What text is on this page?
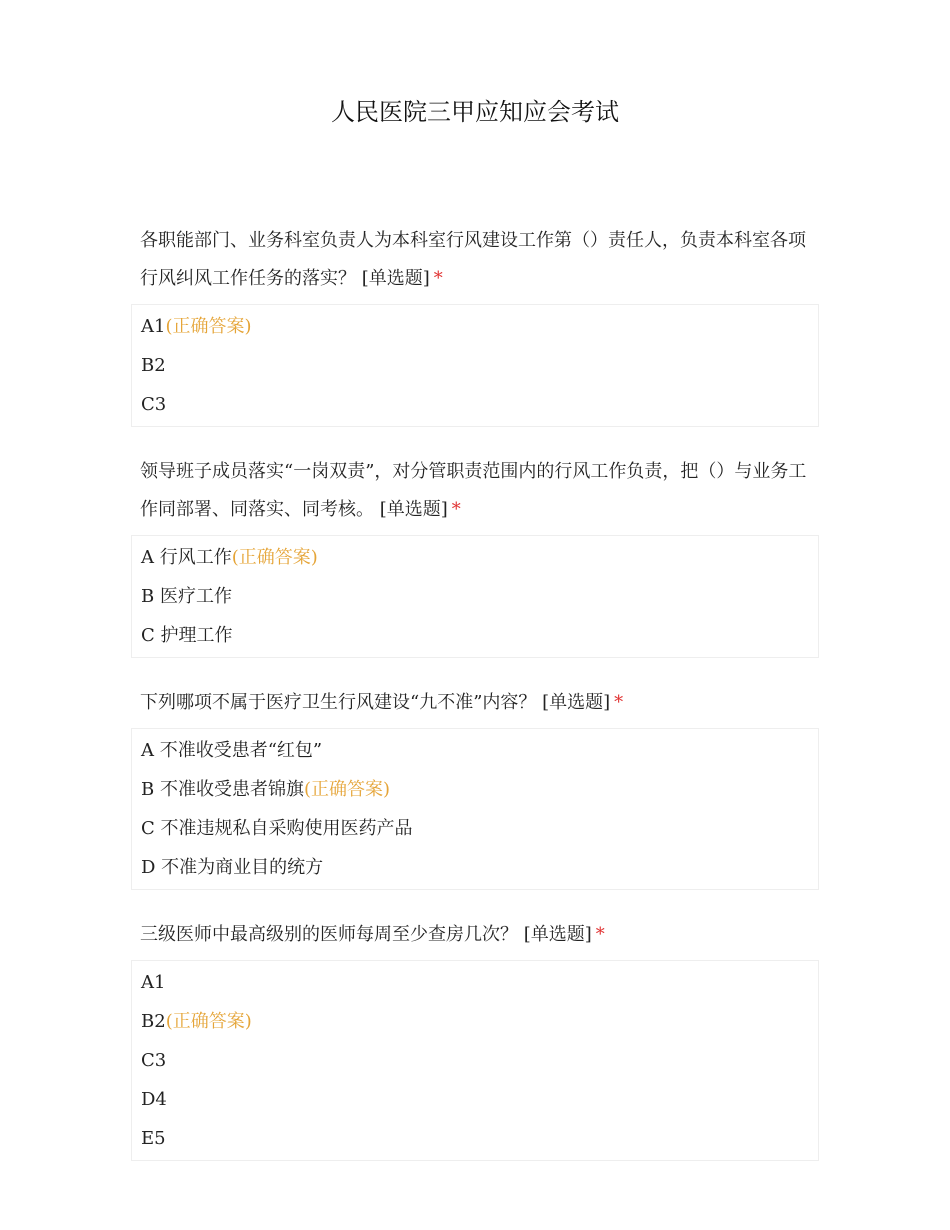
人民医院三甲应知应会考试

各职能部门、业务科室负责人为本科室行风建设工作第（）责任人，负责本科室各项行风纠风工作任务的落实？ [单选题] *

A1(正确答案)
B2
C3

领导班子成员落实“一岗双责”，对分管职责范围内的行风工作负责，把（）与业务工作同部署、同落实、同考核。 [单选题] *

A 行风工作(正确答案)
B 医疗工作
C 护理工作

下列哪项不属于医疗卫生行风建设“九不准”内容？ [单选题] *

A 不准收受患者“红包”
B 不准收受患者锦旗(正确答案)
C 不准违规私自采购使用医药产品
D 不准为商业目的统方

三级医师中最高级别的医师每周至少查房几次？ [单选题] *

A1
B2(正确答案)
C3
D4
E5
